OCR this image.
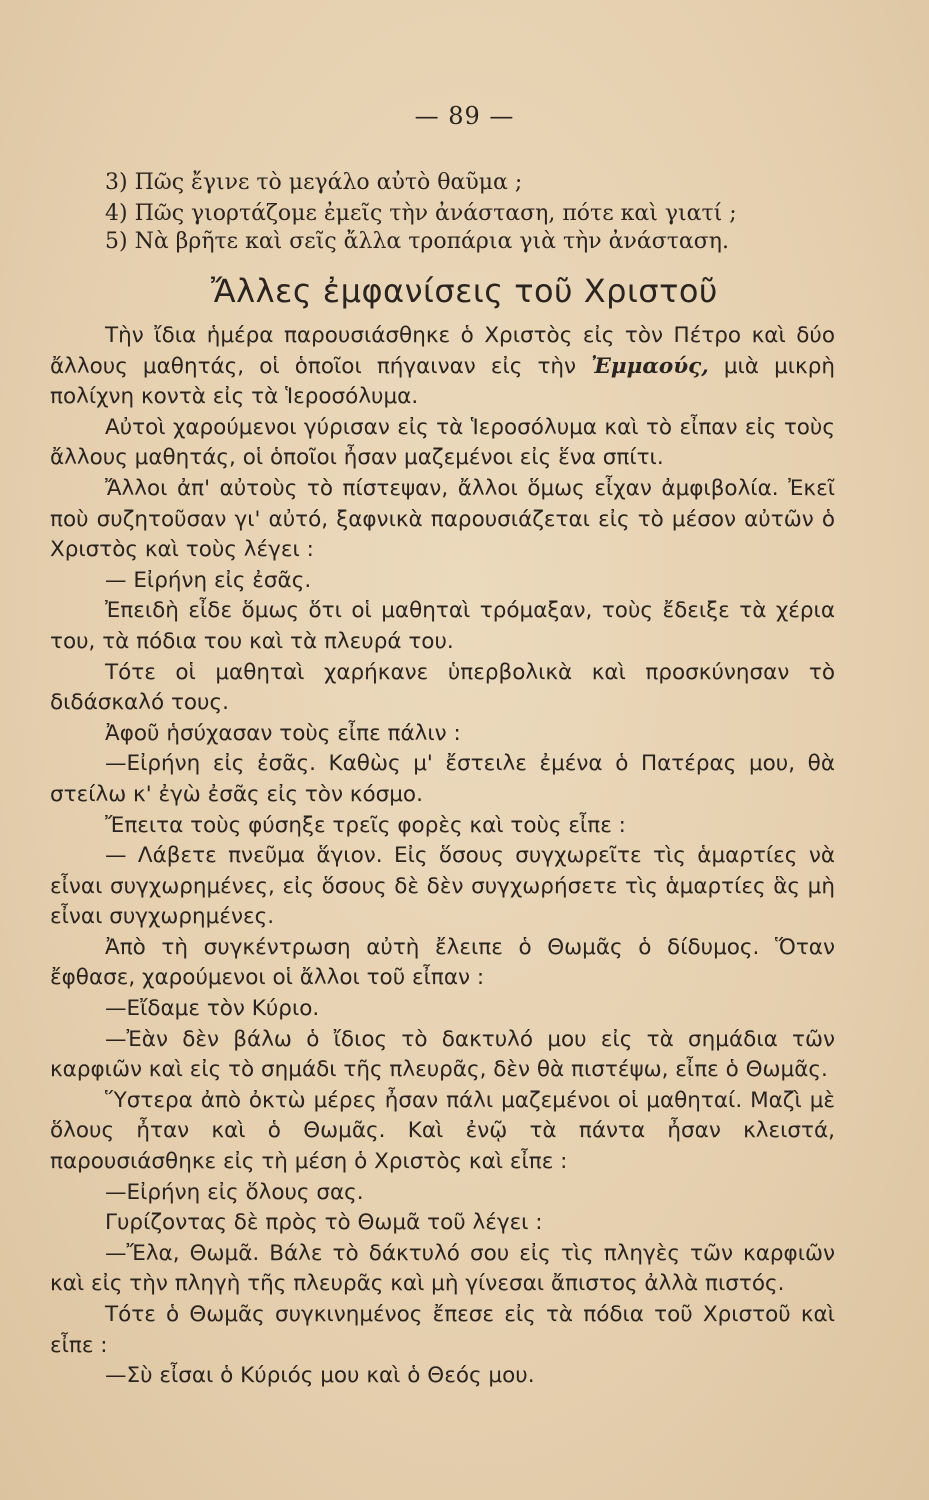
— 89 —
3) Πῶς ἔγινε τὸ μεγάλο αὐτὸ θαῦμα ;
4) Πῶς γιορτάζομε ἐμεῖς τὴν ἀνάσταση, πότε καὶ γιατί ;
5) Νὰ βρῆτε καὶ σεῖς ἄλλα τροπάρια γιὰ τὴν ἀνάσταση.
Ἄλλες ἐμφανίσεις τοῦ Χριστοῦ

Τὴν ἴδια ἡμέρα παρουσιάσθηκε ὁ Χριστὸς εἰς τὸν Πέτρο καὶ δύο ἄλλους μαθητάς, οἱ ὁποῖοι πήγαιναν εἰς τὴν Ἐμμαούς, μιὰ μικρὴ πολίχνη κοντὰ εἰς τὰ Ἱεροσόλυμα.

Αὐτοὶ χαρούμενοι γύρισαν εἰς τὰ Ἱεροσόλυμα καὶ τὸ εἶπαν εἰς τοὺς ἄλλους μαθητάς, οἱ ὁποῖοι ἦσαν μαζεμένοι εἰς ἕνα σπίτι.

Ἄλλοι ἀπ' αὐτοὺς τὸ πίστεψαν, ἄλλοι ὅμως εἶχαν ἀμφιβολία. Ἐκεῖ ποὺ συζητοῦσαν γι' αὐτό, ξαφνικὰ παρουσιάζεται εἰς τὸ μέσον αὐτῶν ὁ Χριστὸς καὶ τοὺς λέγει :

— Εἰρήνη εἰς ἐσᾶς.

Ἐπειδὴ εἶδε ὅμως ὅτι οἱ μαθηταὶ τρόμαξαν, τοὺς ἔδειξε τὰ χέρια του, τὰ πόδια του καὶ τὰ πλευρά του.

Τότε οἱ μαθηταὶ χαρήκανε ὑπερβολικὰ καὶ προσκύνησαν τὸ διδάσκαλό τους.

Ἀφοῦ ἡσύχασαν τοὺς εἶπε πάλιν :

—Εἰρήνη εἰς ἐσᾶς. Καθὼς μ' ἔστειλε ἐμένα ὁ Πατέρας μου, θὰ στείλω κ' ἐγὼ ἐσᾶς εἰς τὸν κόσμο.

Ἔπειτα τοὺς φύσηξε τρεῖς φορὲς καὶ τοὺς εἶπε :

— Λάβετε πνεῦμα ἅγιον. Εἰς ὅσους συγχωρεῖτε τὶς ἁμαρτίες νὰ εἶναι συγχωρημένες, εἰς ὅσους δὲ δὲν συγχωρήσετε τὶς ἁμαρτίες ἃς μὴ εἶναι συγχωρημένες.

Ἀπὸ τὴ συγκέντρωση αὐτὴ ἔλειπε ὁ Θωμᾶς ὁ δίδυμος. Ὅταν ἔφθασε, χαρούμενοι οἱ ἄλλοι τοῦ εἶπαν :

—Εἴδαμε τὸν Κύριο.

—Ἐὰν δὲν βάλω ὁ ἴδιος τὸ δακτυλό μου εἰς τὰ σημάδια τῶν καρφιῶν καὶ εἰς τὸ σημάδι τῆς πλευρᾶς, δὲν θὰ πιστέψω, εἶπε ὁ Θωμᾶς.

Ὕστερα ἀπὸ ὀκτὼ μέρες ἦσαν πάλι μαζεμένοι οἱ μαθηταί. Μαζὶ μὲ ὅλους ἦταν καὶ ὁ Θωμᾶς. Καὶ ἐνῷ τὰ πάντα ἦσαν κλειστά, παρουσιάσθηκε εἰς τὴ μέση ὁ Χριστὸς καὶ εἶπε :

—Εἰρήνη εἰς ὅλους σας.

Γυρίζοντας δὲ πρὸς τὸ Θωμᾶ τοῦ λέγει :

—Ἔλα, Θωμᾶ. Βάλε τὸ δάκτυλό σου εἰς τὶς πληγὲς τῶν καρφιῶν καὶ εἰς τὴν πληγὴ τῆς πλευρᾶς καὶ μὴ γίνεσαι ἄπιστος ἀλλὰ πιστός.

Τότε ὁ Θωμᾶς συγκινημένος ἔπεσε εἰς τὰ πόδια τοῦ Χριστοῦ καὶ εἶπε :

—Σὺ εἶσαι ὁ Κύριός μου καὶ ὁ Θεός μου.
